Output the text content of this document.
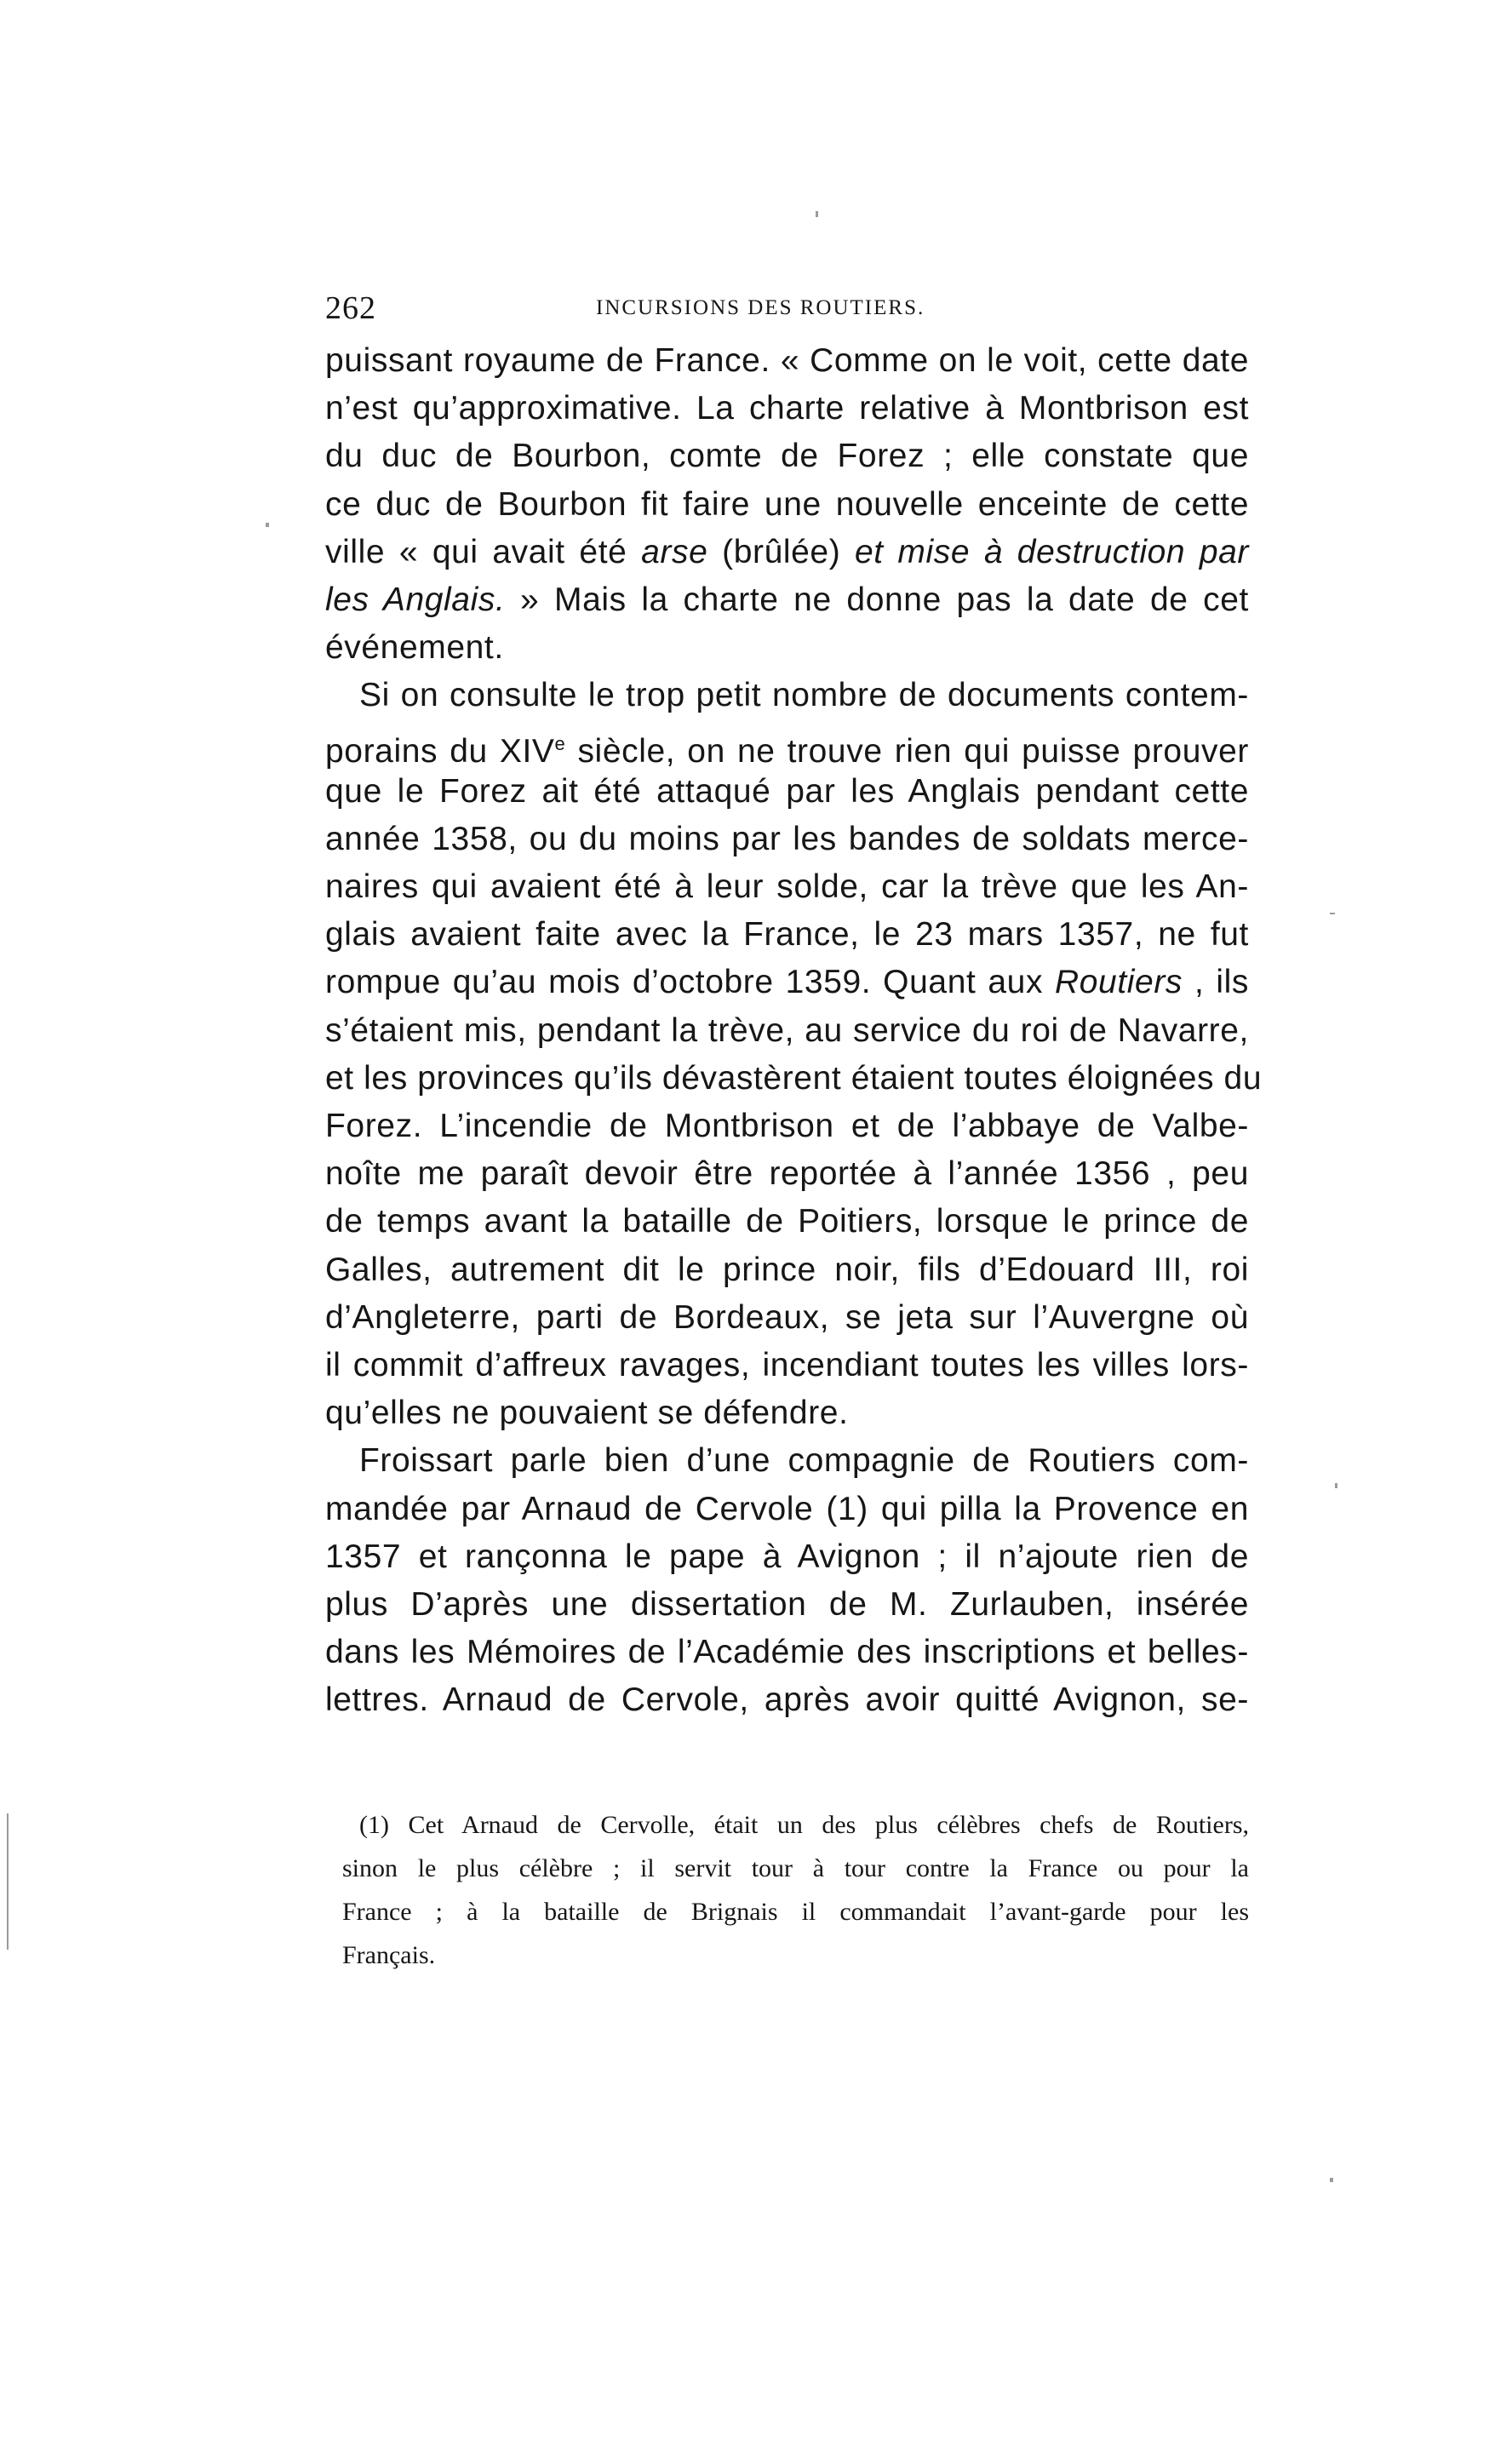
262	INCURSIONS DES ROUTIERS.
puissant royaume de France. « Comme on le voit, cette date
n’est qu’approximative. La charte relative à Montbrison est
du duc de Bourbon, comte de Forez ; elle constate que
ce duc de Bourbon fit faire une nouvelle enceinte de cette
ville « qui avait été arse (brûlée) et mise à destruction par
les Anglais. » Mais la charte ne donne pas la date de cet
événement.
Si on consulte le trop petit nombre de documents contem-
porains du XIVe siècle, on ne trouve rien qui puisse prouver
que le Forez ait été attaqué par les Anglais pendant cette
année 1358, ou du moins par les bandes de soldats merce-
naires qui avaient été à leur solde, car la trève que les An-
glais avaient faite avec la France, le 23 mars 1357, ne fut
rompue qu’au mois d’octobre 1359. Quant aux Routiers , ils
s’étaient mis, pendant la trève, au service du roi de Navarre,
et les provinces qu’ils dévastèrent étaient toutes éloignées du
Forez. L’incendie de Montbrison et de l’abbaye de Valbe-
noîte me paraît devoir être reportée à l’année 1356 , peu
de temps avant la bataille de Poitiers, lorsque le prince de
Galles, autrement dit le prince noir, fils d’Edouard III, roi
d’Angleterre, parti de Bordeaux, se jeta sur l’Auvergne où
il commit d’affreux ravages, incendiant toutes les villes lors-
qu’elles ne pouvaient se défendre.
Froissart parle bien d’une compagnie de Routiers com-
mandée par Arnaud de Cervole (1) qui pilla la Provence en
1357 et rançonna le pape à Avignon ; il n’ajoute rien de
plus D’après une dissertation de M. Zurlauben, insérée
dans les Mémoires de l’Académie des inscriptions et belles-
lettres. Arnaud de Cervole, après avoir quitté Avignon, se-
(1) Cet Arnaud de Cervolle, était un des plus célèbres chefs de Routiers,
sinon le plus célèbre ; il servit tour à tour contre la France ou pour la
France ; à la bataille de Brignais il commandait l’avant-garde pour les
Français.
